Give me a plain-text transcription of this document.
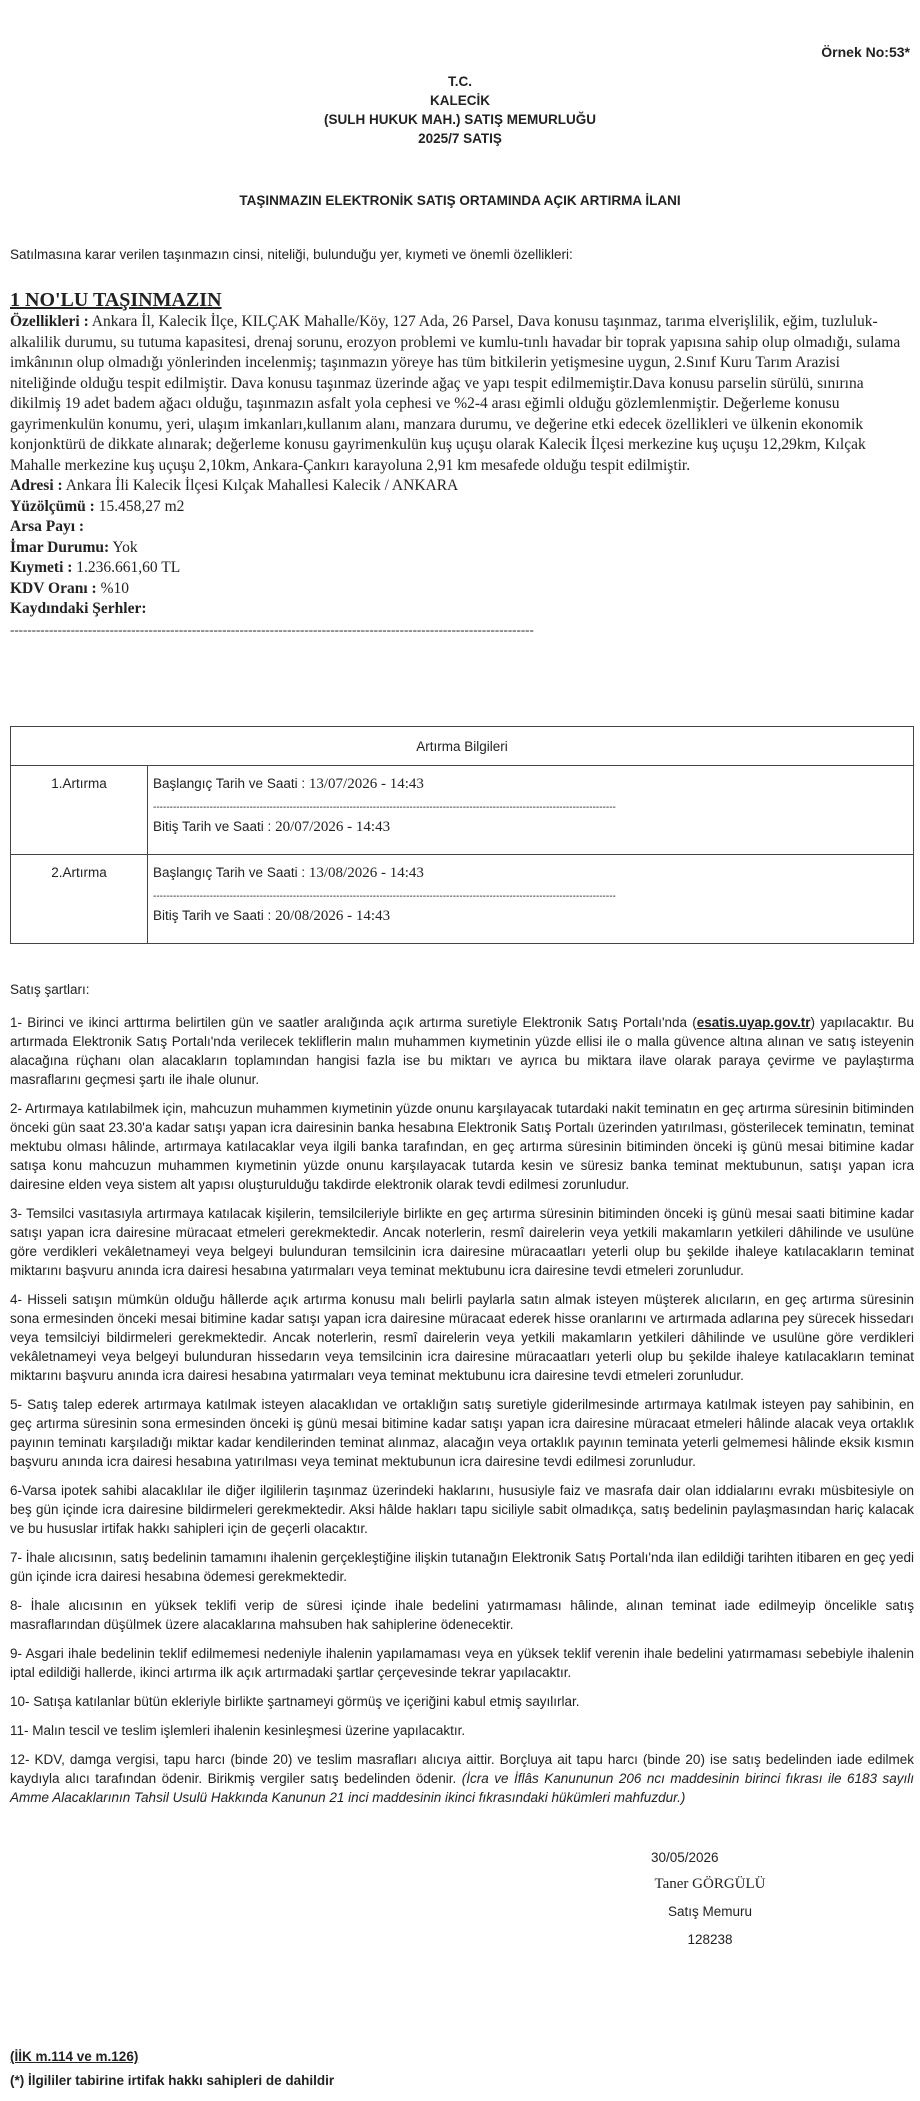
Örnek No:53*
T.C.
KALECİK
(SULH HUKUK MAH.) SATIŞ MEMURLUĞU
2025/7 SATIŞ
TAŞINMAZIN ELEKTRONİK SATIŞ ORTAMINDA AÇIK ARTIRMA İLANI
Satılmasına karar verilen taşınmazın cinsi, niteliği, bulunduğu yer, kıymeti ve önemli özellikleri:
1 NO'LU TAŞINMAZIN
Özellikleri : Ankara İl, Kalecik İlçe, KILÇAK Mahalle/Köy, 127 Ada, 26 Parsel, Dava konusu taşınmaz, tarıma elverişlilik, eğim, tuzluluk-alkalilik durumu, su tutuma kapasitesi, drenaj sorunu, erozyon problemi ve kumlu-tınlı havadar bir toprak yapısına sahip olup olmadığı, sulama imkânının olup olmadığı yönlerinden incelenmiş; taşınmazın yöreye has tüm bitkilerin yetişmesine uygun, 2.Sınıf Kuru Tarım Arazisi niteliğinde olduğu tespit edilmiştir. Dava konusu taşınmaz üzerinde ağaç ve yapı tespit edilmemiştir.Dava konusu parselin sürülü, sınırına dikilmiş 19 adet badem ağacı olduğu, taşınmazın asfalt yola cephesi ve %2-4 arası eğimli olduğu gözlemlenmiştir. Değerleme konusu gayrimenkulün konumu, yeri, ulaşım imkanları,kullanım alanı, manzara durumu, ve değerine etki edecek özellikleri ve ülkenin ekonomik konjonktürü de dikkate alınarak; değerleme konusu gayrimenkulün kuş uçuşu olarak Kalecik İlçesi merkezine kuş uçuşu 12,29km, Kılçak Mahalle merkezine kuş uçuşu 2,10km, Ankara-Çankırı karayoluna 2,91 km mesafede olduğu tespit edilmiştir.
Adresi : Ankara İli Kalecik İlçesi Kılçak Mahallesi Kalecik / ANKARA
Yüzölçümü : 15.458,27 m2
Arsa Payı :
İmar Durumu: Yok
Kıymeti : 1.236.661,60 TL
KDV Oranı : %10
Kaydındaki Şerhler:
-------------------------------------------------------------------------------------------------------------------------
Artırma Bilgileri	
1.Artırma	Başlangıç Tarih ve Saati : 13/07/2026 - 14:43
-------------------------------------------------------------------------------------------------------------------------------------------
Bitiş Tarih ve Saati : 20/07/2026 - 14:43

2.Artırma	Başlangıç Tarih ve Saati : 13/08/2026 - 14:43
-------------------------------------------------------------------------------------------------------------------------------------------
Bitiş Tarih ve Saati : 20/08/2026 - 14:43

Satış şartları:

1- Birinci ve ikinci arttırma belirtilen gün ve saatler aralığında açık artırma suretiyle Elektronik Satış Portalı'nda (esatis.uyap.gov.tr) yapılacaktır. Bu artırmada Elektronik Satış Portalı'nda verilecek tekliflerin malın muhammen kıymetinin yüzde ellisi ile o malla güvence altına alınan ve satış isteyenin alacağına rüçhanı olan alacakların toplamından hangisi fazla ise bu miktarı ve ayrıca bu miktara ilave olarak paraya çevirme ve paylaştırma masraflarını geçmesi şartı ile ihale olunur.

2- Artırmaya katılabilmek için, mahcuzun muhammen kıymetinin yüzde onunu karşılayacak tutardaki nakit teminatın en geç artırma süresinin bitiminden önceki gün saat 23.30'a kadar satışı yapan icra dairesinin banka hesabına Elektronik Satış Portalı üzerinden yatırılması, gösterilecek teminatın, teminat mektubu olması hâlinde, artırmaya katılacaklar veya ilgili banka tarafından, en geç artırma süresinin bitiminden önceki iş günü mesai bitimine kadar satışa konu mahcuzun muhammen kıymetinin yüzde onunu karşılayacak tutarda kesin ve süresiz banka teminat mektubunun, satışı yapan icra dairesine elden veya sistem alt yapısı oluşturulduğu takdirde elektronik olarak tevdi edilmesi zorunludur.

3- Temsilci vasıtasıyla artırmaya katılacak kişilerin, temsilcileriyle birlikte en geç artırma süresinin bitiminden önceki iş günü mesai saati bitimine kadar satışı yapan icra dairesine müracaat etmeleri gerekmektedir. Ancak noterlerin, resmî dairelerin veya yetkili makamların yetkileri dâhilinde ve usulüne göre verdikleri vekâletnameyi veya belgeyi bulunduran temsilcinin icra dairesine müracaatları yeterli olup bu şekilde ihaleye katılacakların teminat miktarını başvuru anında icra dairesi hesabına yatırmaları veya teminat mektubunu icra dairesine tevdi etmeleri zorunludur.

4- Hisseli satışın mümkün olduğu hâllerde açık artırma konusu malı belirli paylarla satın almak isteyen müşterek alıcıların, en geç artırma süresinin sona ermesinden önceki mesai bitimine kadar satışı yapan icra dairesine müracaat ederek hisse oranlarını ve artırmada adlarına pey sürecek hissedarı veya temsilciyi bildirmeleri gerekmektedir. Ancak noterlerin, resmî dairelerin veya yetkili makamların yetkileri dâhilinde ve usulüne göre verdikleri vekâletnameyi veya belgeyi bulunduran hissedarın veya temsilcinin icra dairesine müracaatları yeterli olup bu şekilde ihaleye katılacakların teminat miktarını başvuru anında icra dairesi hesabına yatırmaları veya teminat mektubunu icra dairesine tevdi etmeleri zorunludur.

5- Satış talep ederek artırmaya katılmak isteyen alacaklıdan ve ortaklığın satış suretiyle giderilmesinde artırmaya katılmak isteyen pay sahibinin, en geç artırma süresinin sona ermesinden önceki iş günü mesai bitimine kadar satışı yapan icra dairesine müracaat etmeleri hâlinde alacak veya ortaklık payının teminatı karşıladığı miktar kadar kendilerinden teminat alınmaz, alacağın veya ortaklık payının teminata yeterli gelmemesi hâlinde eksik kısmın başvuru anında icra dairesi hesabına yatırılması veya teminat mektubunun icra dairesine tevdi edilmesi zorunludur.

6-Varsa ipotek sahibi alacaklılar ile diğer ilgililerin taşınmaz üzerindeki haklarını, hususiyle faiz ve masrafa dair olan iddialarını evrakı müsbitesiyle on beş gün içinde icra dairesine bildirmeleri gerekmektedir. Aksi hâlde hakları tapu siciliyle sabit olmadıkça, satış bedelinin paylaşmasından hariç kalacak ve bu hususlar irtifak hakkı sahipleri için de geçerli olacaktır.

7- İhale alıcısının, satış bedelinin tamamını ihalenin gerçekleştiğine ilişkin tutanağın Elektronik Satış Portalı'nda ilan edildiği tarihten itibaren en geç yedi gün içinde icra dairesi hesabına ödemesi gerekmektedir.

8- İhale alıcısının en yüksek teklifi verip de süresi içinde ihale bedelini yatırmaması hâlinde, alınan teminat iade edilmeyip öncelikle satış masraflarından düşülmek üzere alacaklarına mahsuben hak sahiplerine ödenecektir.

9- Asgari ihale bedelinin teklif edilmemesi nedeniyle ihalenin yapılamaması veya en yüksek teklif verenin ihale bedelini yatırmaması sebebiyle ihalenin iptal edildiği hallerde, ikinci artırma ilk açık artırmadaki şartlar çerçevesinde tekrar yapılacaktır.

10- Satışa katılanlar bütün ekleriyle birlikte şartnameyi görmüş ve içeriğini kabul etmiş sayılırlar.

11- Malın tescil ve teslim işlemleri ihalenin kesinleşmesi üzerine yapılacaktır.

12- KDV, damga vergisi, tapu harcı (binde 20) ve teslim masrafları alıcıya aittir. Borçluya ait tapu harcı (binde 20) ise satış bedelinden iade edilmek kaydıyla alıcı tarafından ödenir. Birikmiş vergiler satış bedelinden ödenir. (İcra ve İflâs Kanununun 206 ncı maddesinin birinci fıkrası ile 6183 sayılı Amme Alacaklarının Tahsil Usulü Hakkında Kanunun 21 inci maddesinin ikinci fıkrasındaki hükümleri mahfuzdur.)

30/05/2026
Taner GÖRGÜLÜ
Satış Memuru
128238
(İİK m.114 ve m.126)
(*) İlgililer tabirine irtifak hakkı sahipleri de dahildir
